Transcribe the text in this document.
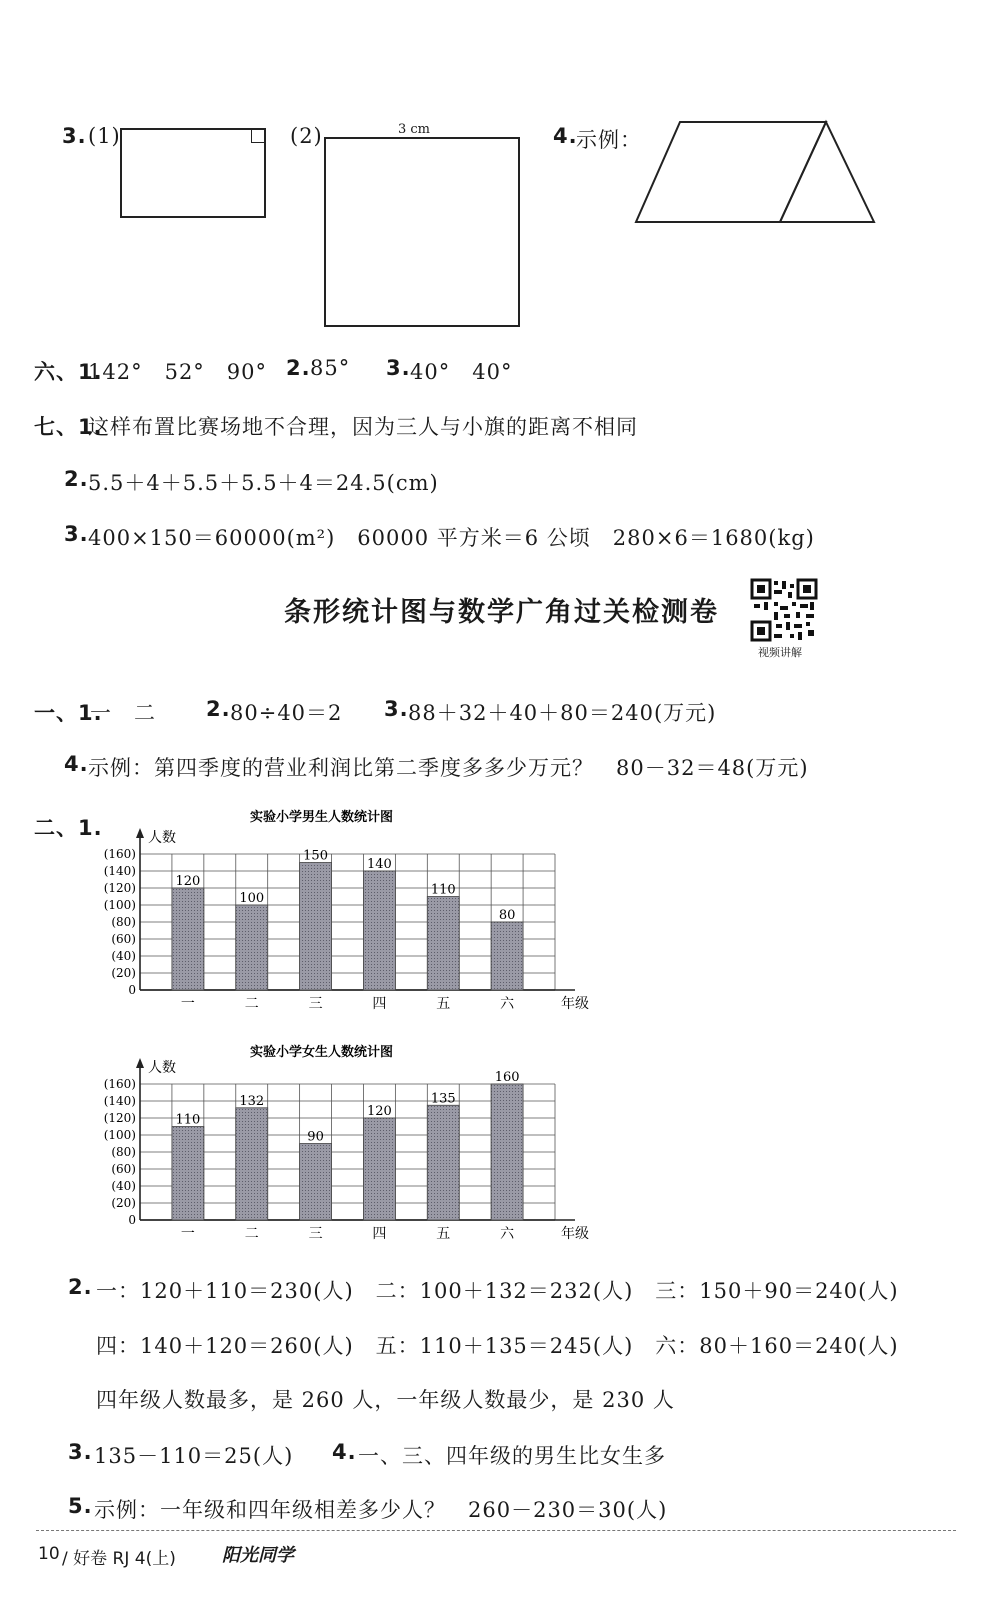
3. (1)	(2)	3 cm	4.
示例：
六、1.
142°　52°　90° 2. 85° 3. 40°　40°
七、1.
这样布置比赛场地不合理，因为三人与小旗的距离不相同
2. 5.5＋4＋5.5＋5.5＋4＝24.5(cm)
3. 400×150＝60000(m²)　60000 平方米＝6 公顷　280×6＝1680(kg)
条形统计图与数学广角过关检测卷
视频讲解
一、1.
一　二 2. 80÷40＝2 3. 88＋32＋40＋80＝240(万元)
4. 示例：第四季度的营业利润比第二季度多多少万元？　80－32＝48(万元)
二、1.	实验小学男生人数统计图
0
(20)
(40)
(60)
(80)
(100)
(120)
(140)
(160)
人数
年级
120
一
100
二
150
三
140
四
110
五
80
六
实验小学女生人数统计图
0
(20)
(40)
(60)
(80)
(100)
(120)
(140)
(160)
人数
年级
110
一
132
二
90
三
120
四
135
五
160
六
2. 一：120＋110＝230(人)　二：100＋132＝232(人)　三：150＋90＝240(人)
四：140＋120＝260(人)　五：110＋135＝245(人)　六：80＋160＝240(人)
四年级人数最多，是 260 人，一年级人数最少，是 230 人
3. 135－110＝25(人) 4. 一、三、四年级的男生比女生多
5. 示例：一年级和四年级相差多少人？　260－230＝30(人)
10 / 好卷 RJ 4(上)	阳光同学
